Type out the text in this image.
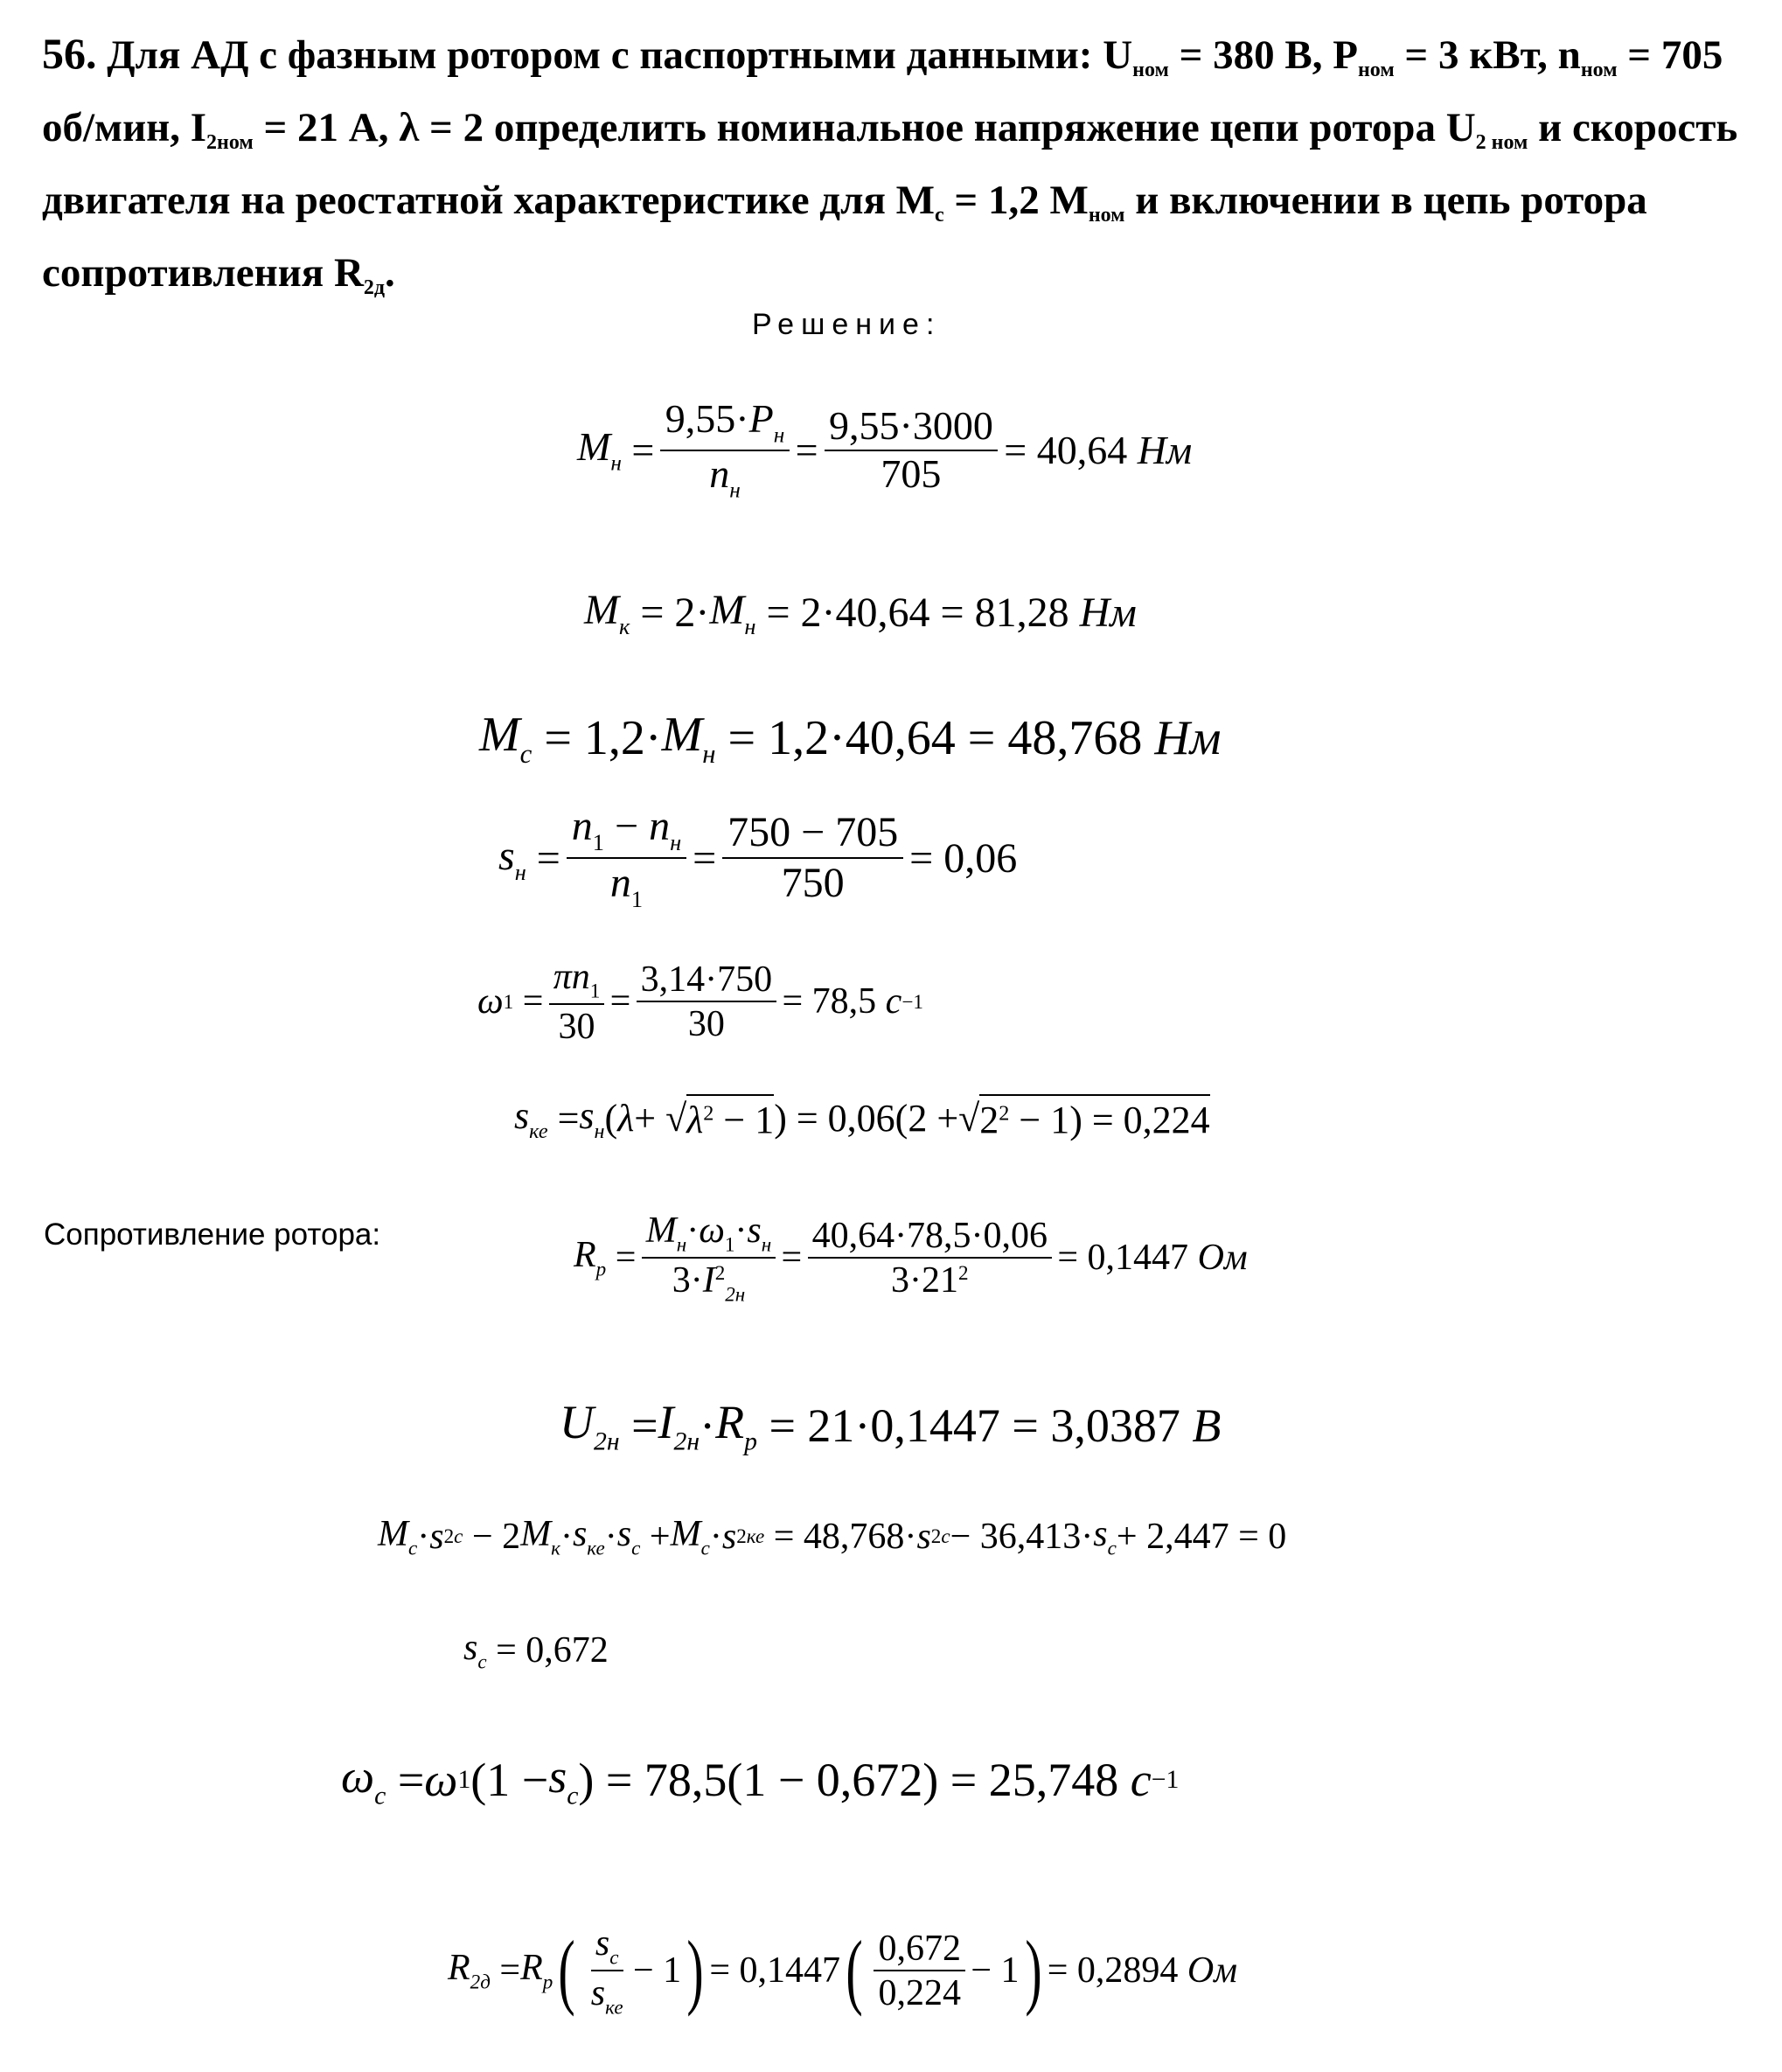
56. Для АД с фазным ротором с паспортными данными: $U_{ном} = 380$ В, $P_{ном} = 3$ кВт, $n_{ном} = 705$ об/мин, $I_{2ном} = 21$ А, λ = 2 определить номинальное напряжение цепи ротора $U_{2 ном}$ и скорость двигателя на реостатной характеристике для $M_c = 1,2$ $M_{ном}$ и включении в цепь ротора сопротивления $R_{2д}$.
Решение:
$M_н = \frac{9,55\cdot P_н}{n_н} = \frac{9,55\cdot 3000}{705} = 40,64$
Нм
$M_к$
= $2\cdot M_н$
= 2·40,64 = 81,28
Нм
$M_c$
= $1,2\cdot M_н$
= 1,2·40,64 = 48,768
Нм
$s_н = \frac{n_1 - n_н}{n_1} = \frac{750 - 705}{750} = 0,06$
ω $1 = \frac{\pi n_1}{30} = \frac{3,14\cdot 750}{30} = 78,5$
c −1
$s_{ке} = s_н$ ( λ + √ $\lambda^2 - 1$ ) = 0,06(2 + √ $2^2 - 1) = 0,224$
Сопротивление ротора:
$R_р = \frac{M_н\cdot\omega_1\cdot s_н}{3\cdot I^2_{2н}} = \frac{40,64\cdot 78,5\cdot 0,06}{3\cdot 21^2} = 0,1447$
Ом
$U_{2н} = I_{2н} \cdot R_р$
= 21·0,1447 = 3,0387
В
$M_c \cdot s$ 2 c − 2 $M_к \cdot s_{ке} \cdot s_c + M_c \cdot s$ 2 ке
= 48,768· s 2 $c - 36,413\cdot s_c + 2,447 = 0$
$s_c$
= 0,672
$\omega_c = \omega$ 1 ($1 - s_c$ ) = 78,5(1 − 0,672) = 25,748
c −1
$R_{2д} = R_р$ ( $\frac{s_c}{s_{ке}} - 1$ ) = 0,1447 ( $\frac{0,672}{0,224} - 1$ ) = 0,2894
Ом
